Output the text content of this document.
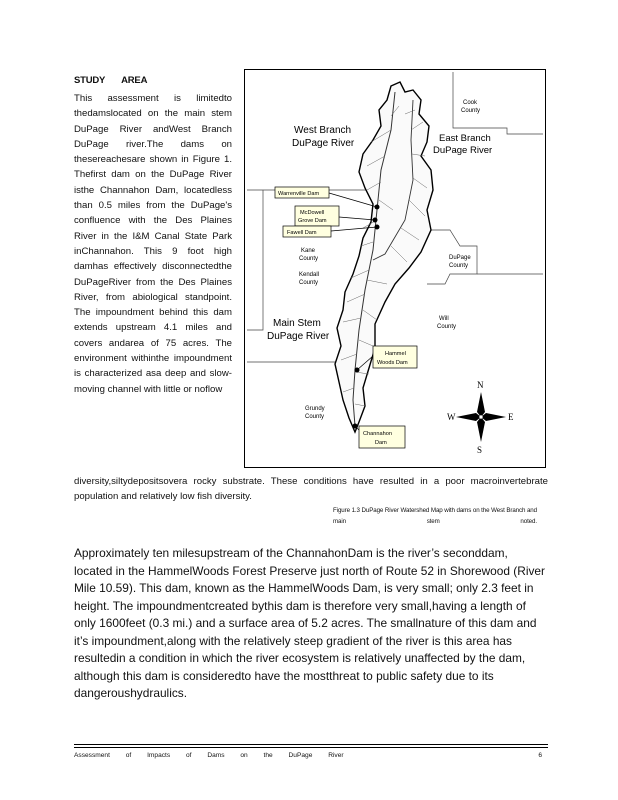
STUDY AREA
This assessment is limitedto thedamslocated on the main stem DuPage River andWest Branch DuPage river.The dams on thesereachesare shown in Figure 1. Thefirst dam on the DuPage River isthe Channahon Dam, locatedless than 0.5 miles from the DuPage's confluence with the Des Plaines River in the I&M Canal State Park inChannahon. This 9 foot high damhas effectively disconnectedthe DuPageRiver from the Des Plaines River, from abiological standpoint. The impoundment behind this dam extends upstream 4.1 miles and covers andarea of 75 acres. The environment withinthe impoundment is characterized asa deep and slow-moving channel with little or noflow
diversity,siltydepositsovera rocky substrate. These conditions have resulted in a poor macroinvertebrate population and relatively low fish diversity.
West Branch
DuPage River	East Branch
DuPage River
Main Stem
DuPage River
Cook
County
Kane
County
Kendall
County
DuPage
County
Will
County
Grundy
County
Warrenville Dam
McDowell
Grove Dam
Fawell Dam
Hammel
Woods Dam
Channahon
Dam
N
S
W	E
Figure 1.3 DuPage River Watershed Map with dams on the West Branch and main stem noted.
Approximately ten milesupstream of the ChannahonDam is the river’s seconddam, located in the HammelWoods Forest Preserve just north of Route 52 in Shorewood (River Mile 10.59). This dam, known as the HammelWoods Dam, is very small; only 2.3 feet in height. The impoundmentcreated bythis dam is therefore very small,having a length of only 1600feet (0.3 mi.) and a surface area of 5.2 acres. The smallnature of this dam and it’s impoundment,along with the relatively steep gradient of the river is this area has resultedin a condition in which the river ecosystem is relatively unaffected by the dam, although this dam is consideredto have the mostthreat to public safety due to its dangeroushydraulics.
Assessment of Impacts of Dams on the DuPage River	6
